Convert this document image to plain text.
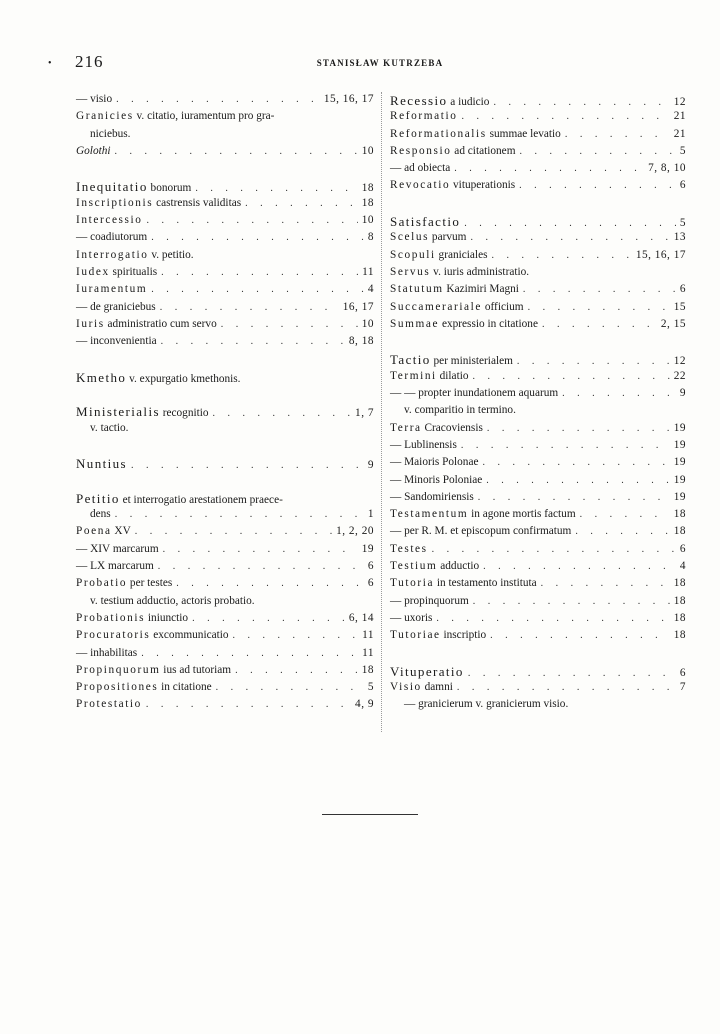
• 216	STANISŁAW KUTRZEBA
— visio . . .	15, 16, 17
Granicies v. citatio, iuramentum pro gra-
niciebus.
Golothi . . .	10
Inequitatio bonorum . . .	18
Inscriptionis castrensis validitas . . .	18
Intercessio . . .	10
— coadiutorum . . .	8
Interrogatio v. petitio.
Iudex spiritualis . . .	11
Iuramentum . . .	4
— de graniciebus . . .	16, 17
Iuris administratio cum servo . . .	10
— inconvenientia . . .	8, 18
Kmetho v. expurgatio kmethonis.
Ministerialis recognitio . . .	1, 7
v. tactio.
Nuntius . . .	9
Petitio et interrogatio arestationem praece-
dens . . .	1
Poena XV . . .	1, 2, 20
— XIV marcarum . . .	19
— LX marcarum . . .	6
Probatio per testes . . .	6
v. testium adductio, actoris probatio.
Probationis iniunctio . . .	6, 14
Procuratoris excommunicatio . . .	11
— inhabilitas . . .	11
Propinquorum ius ad tutoriam . . .	18
Propositiones in citatione . . .	5
Protestatio . . .	4, 9
Recessio a iudicio . . .	12
Reformatio . . .	21
Reformationalis summae levatio . . .	21
Responsio ad citationem . . .	5
— ad obiecta . . .	7, 8, 10
Revocatio vituperationis . . .	6
Satisfactio . . .	5
Scelus parvum . . .	13
Scopuli graniciales . . .	15, 16, 17
Servus v. iuris administratio.
Statutum Kazimiri Magni . . .	6
Succamerariale officium . . .	15
Summae expressio in citatione . . .	2, 15
Tactio per ministerialem . . .	12
Termini dilatio . . .	22
— — propter inundationem aquarum . . .	9
v. comparitio in termino.
Terra Cracoviensis . . .	19
— Lublinensis . . .	19
— Maioris Polonae . . .	19
— Minoris Poloniae . . .	19
— Sandomiriensis . . .	19
Testamentum in agone mortis factum . . .	18
— per R. M. et episcopum confirmatum . . .	18
Testes . . .	6
Testium adductio . . .	4
Tutoria in testamento instituta . . .	18
— propinquorum . . .	18
— uxoris . . .	18
Tutoriae inscriptio . . .	18
Vituperatio . . .	6
Visio damni . . .	7
— granicierum v. granicierum visio.
